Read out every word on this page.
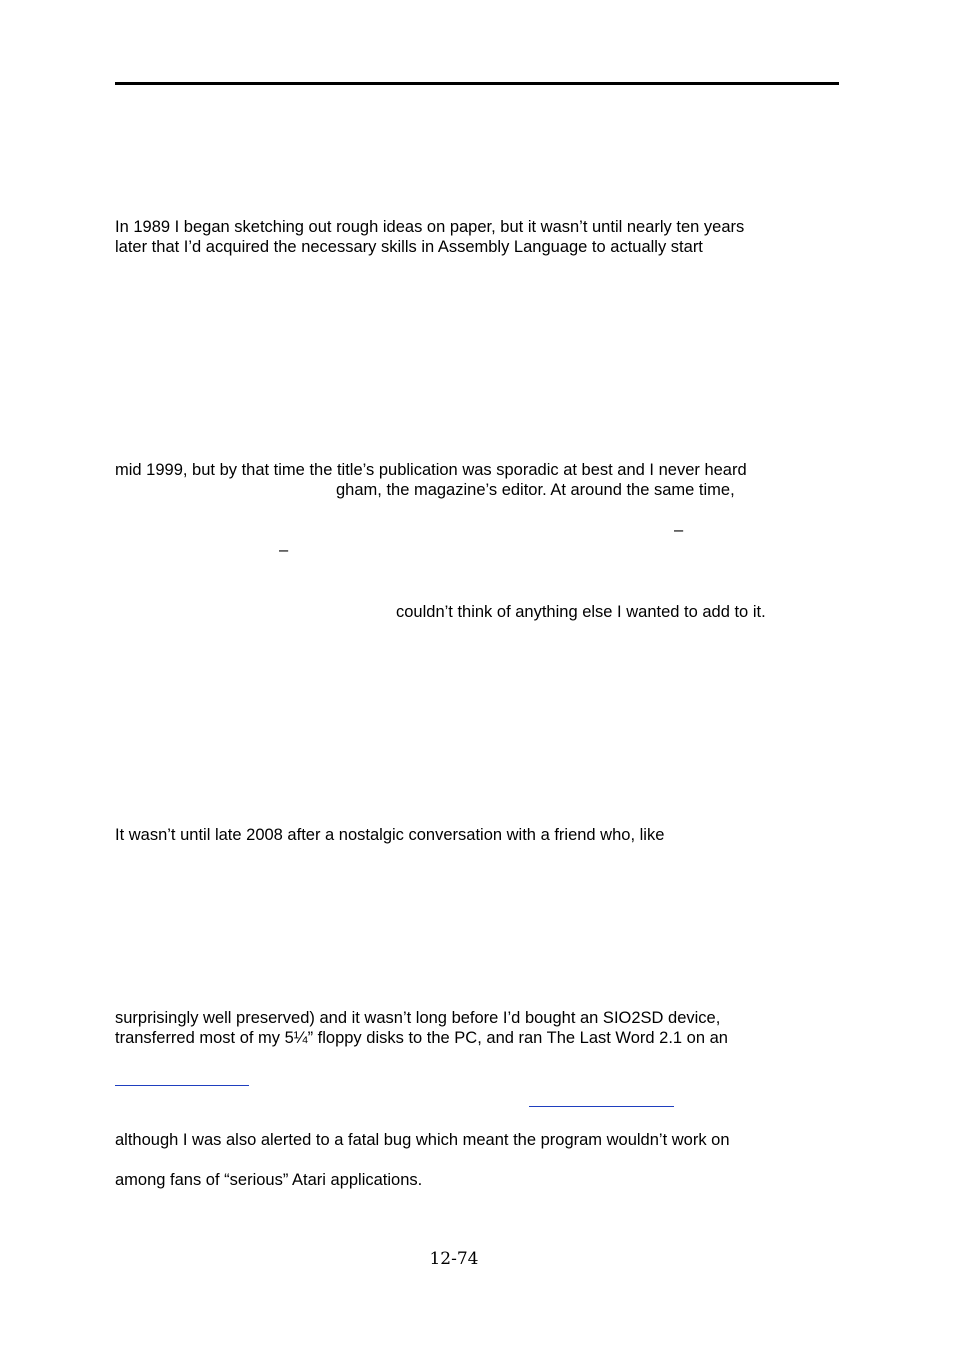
In 1989 I began sketching out rough ideas on paper, but it wasn’t until nearly ten years
later that I’d acquired the necessary skills in Assembly Language to actually start
mid 1999, but by that time the title’s publication was sporadic at best and I never heard
gham, the magazine’s editor. At around the same time,
–
–
couldn’t think of anything else I wanted to add to it.
It wasn’t until late 2008 after a nostalgic conversation with a friend who, like
surprisingly well preserved) and it wasn’t long before I’d bought an SIO2SD device,
transferred most of my 5¼” floppy disks to the PC, and ran The Last Word 2.1 on an
although I was also alerted to a fatal bug which meant the program wouldn’t work on
among fans of “serious” Atari applications.
12-74
